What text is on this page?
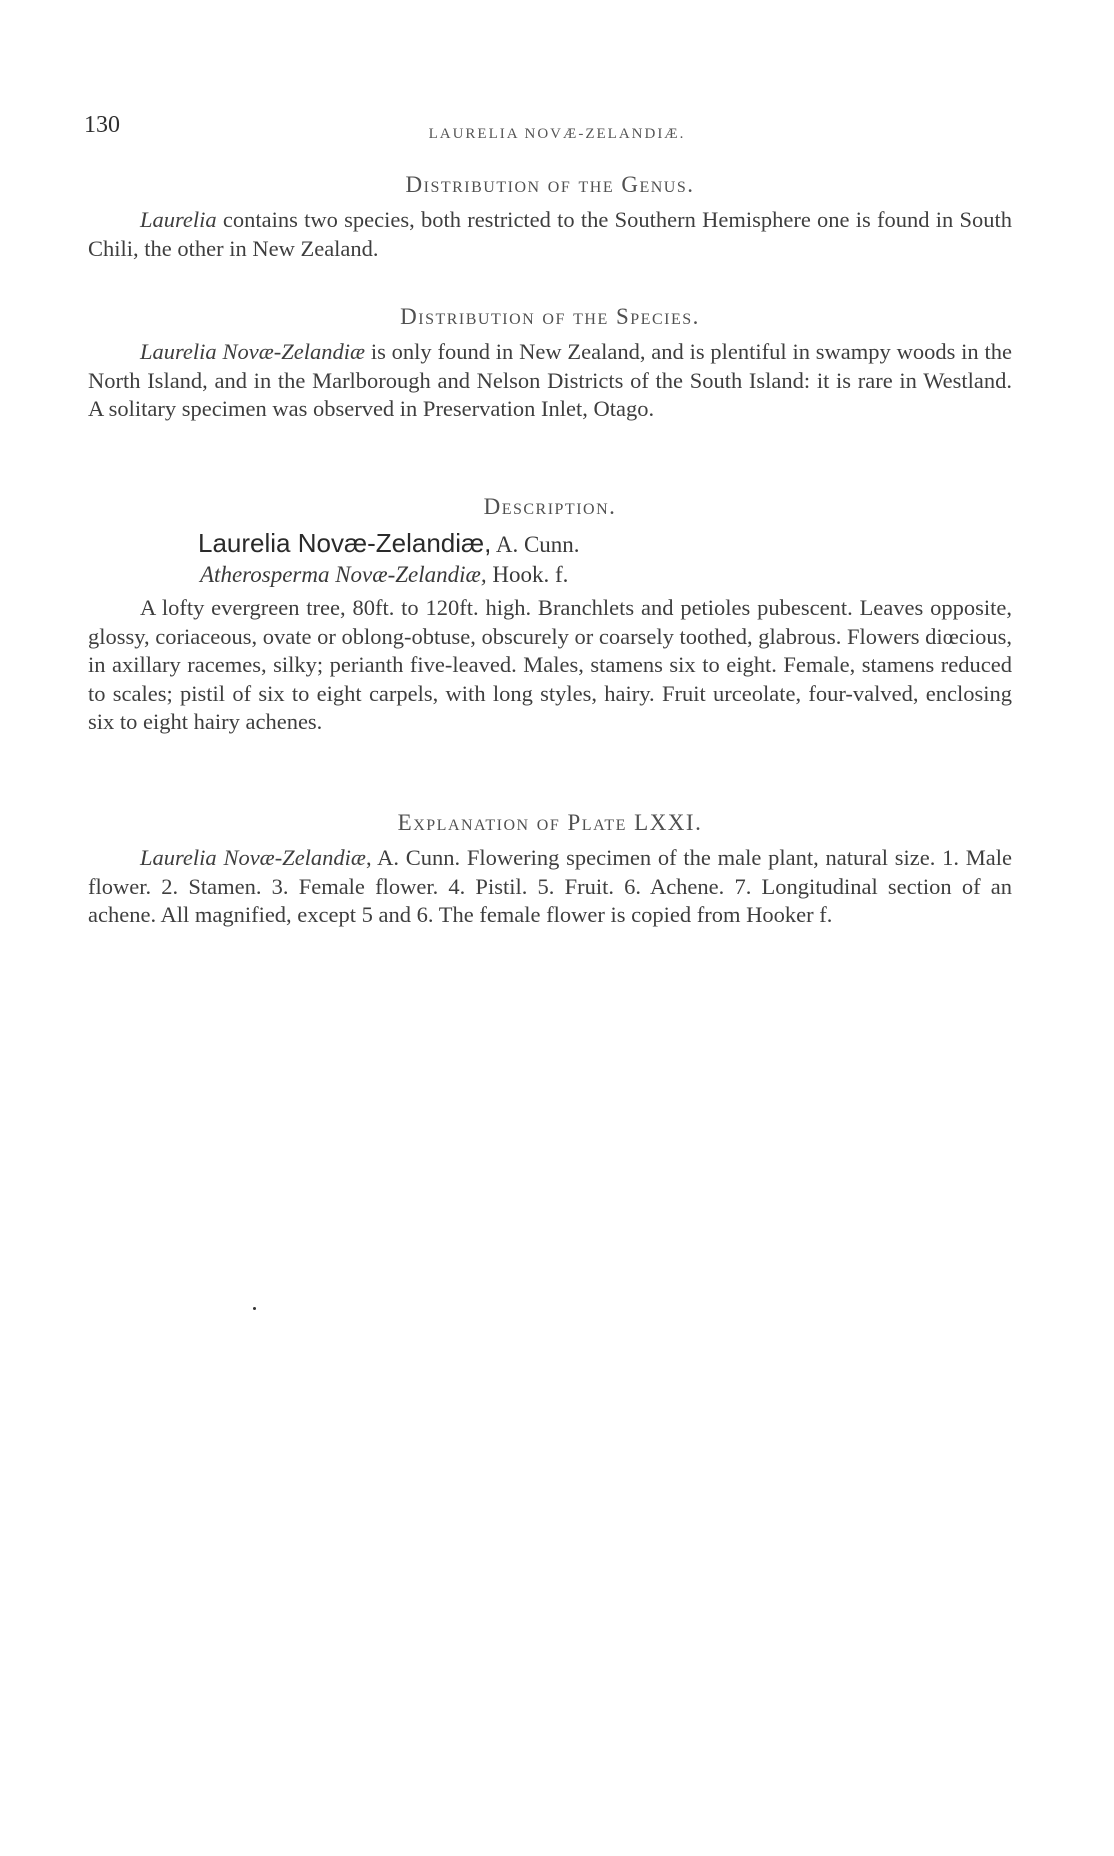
130	LAURELIA NOVÆ-ZELANDIÆ.
Distribution of the Genus.

Laurelia contains two species, both restricted to the Southern Hemisphere one is found in South Chili, the other in New Zealand.

Distribution of the Species.

Laurelia Novæ-Zelandiæ is only found in New Zealand, and is plentiful in swampy woods in the North Island, and in the Marlborough and Nelson Districts of the South Island: it is rare in Westland. A solitary specimen was observed in Preservation Inlet, Otago.

Description.

Laurelia Novæ-Zelandiæ, A. Cunn.

Atherosperma Novæ-Zelandiæ, Hook. f.

A lofty evergreen tree, 80ft. to 120ft. high. Branchlets and petioles pubescent. Leaves opposite, glossy, coriaceous, ovate or oblong-obtuse, obscurely or coarsely toothed, glabrous. Flowers diœcious, in axillary racemes, silky; perianth five-leaved. Males, stamens six to eight. Female, stamens reduced to scales; pistil of six to eight carpels, with long styles, hairy. Fruit urceolate, four-valved, enclosing six to eight hairy achenes.

Explanation of Plate LXXI.

Laurelia Novæ-Zelandiæ, A. Cunn. Flowering specimen of the male plant, natural size. 1. Male flower. 2. Stamen. 3. Female flower. 4. Pistil. 5. Fruit. 6. Achene. 7. Longitudinal section of an achene. All magnified, except 5 and 6. The female flower is copied from Hooker f.
